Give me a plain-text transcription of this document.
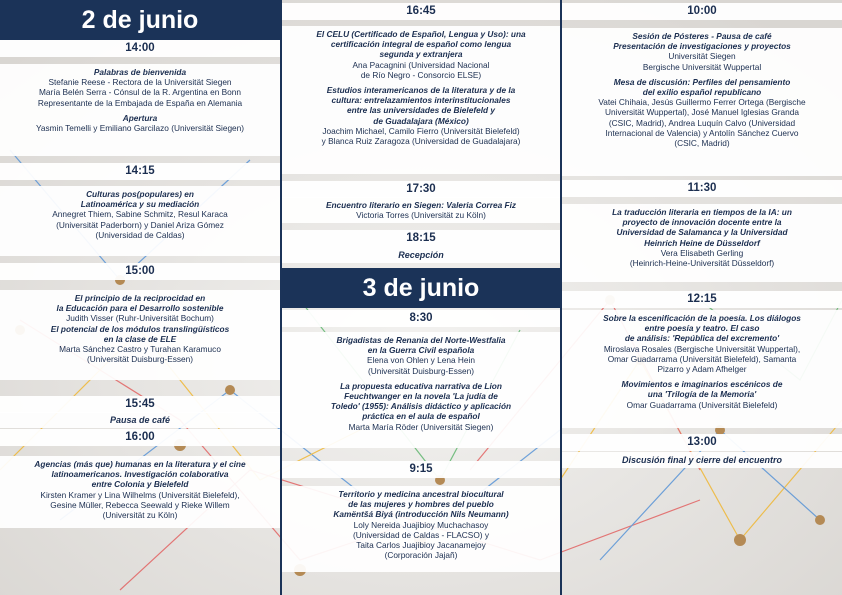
2 de junio
14:00

Palabras de bienvenida

Stefanie Reese - Rectora de la Universität Siegen

María Belén Serra - Cónsul de la R. Argentina en Bonn

Representante de la Embajada de España en Alemania

Apertura

Yasmin Temelli y Emiliano Garcilazo (Universität Siegen)

14:15

Culturas pos(populares) en

Latinoamérica y su mediación

Annegret Thiem, Sabine Schmitz, Resul Karaca

(Universität Paderborn) y Daniel Ariza Gómez

(Universidad de Caldas)

15:00

El principio de la reciprocidad en

la Educación para el Desarrollo sostenible

Judith Visser (Ruhr-Universität Bochum)

El potencial de los módulos translingüísticos

en la clase de ELE

Marta Sánchez Castro y Turahan Karamuco

(Universität Duisburg-Essen)

15:45
Pausa de café
16:00

Agencias (más que) humanas en la literatura y el cine

latinoamericanos. Investigación colaborativa

entre Colonia y Bielefeld

Kirsten Kramer y Lina Wilhelms (Universität Bielefeld),

Gesine Müller, Rebecca Seewald y Rieke Willem

(Universität zu Köln)

16:45

El CELU (Certificado de Español, Lengua y Uso): una

certificación integral de español como lengua

segunda y extranjera

Ana Pacagnini (Universidad Nacional

de Río Negro - Consorcio ELSE)

Estudios interamericanos de la literatura y de la

cultura: entrelazamientos interinstitucionales

entre las universidades de Bielefeld y

de Guadalajara (México)

Joachim Michael, Camilo Fierro (Universität Bielefeld)

y Blanca Ruiz Zaragoza (Universidad de Guadalajara)

17:30

Encuentro literario en Siegen: Valeria Correa Fiz

Victoria Torres (Universität zu Köln)

18:15
Recepción
3 de junio
8:30

Brigadistas de Renania del Norte-Westfalia

en la Guerra Civil española

Elena von Ohlen y Lena Hein

(Universität Duisburg-Essen)

La propuesta educativa narrativa de Lion

Feuchtwanger en la novela 'La judía de

Toledo' (1955): Análisis didáctico y aplicación

práctica en el aula de español

Marta María Röder (Universität Siegen)

9:15

Territorio y medicina ancestral biocultural

de las mujeres y hombres del pueblo

Kamëntšá Biyá (introducción Nils Neumann)

Loly Nereida Juajibioy Muchachasoy

(Universidad de Caldas - FLACSO) y

Taita Carlos Juajibioy Jacanamejoy

(Corporación Jajañ)

10:00

Sesión de Pósteres - Pausa de café

Presentación de investigaciones y proyectos

Universität Siegen

Bergische Universität Wuppertal

Mesa de discusión: Perfiles del pensamiento

del exilio español republicano

Vatei Chihaia, Jesús Guillermo Ferrer Ortega (Bergische

Universität Wuppertal), José Manuel Iglesias Granda

(CSIC, Madrid), Andrea Luquín Calvo (Universidad

Internacional de Valencia) y Antolín Sánchez Cuervo

(CSIC, Madrid)

11:30

La traducción literaria en tiempos de la IA: un

proyecto de innovación docente entre la

Universidad de Salamanca y la Universidad

Heinrich Heine de Düsseldorf

Vera Elisabeth Gerling

(Heinrich-Heine-Universität Düsseldorf)

12:15

Sobre la escenificación de la poesía. Los diálogos

entre poesía y teatro. El caso

de análisis: 'República del excremento'

Miroslava Rosales (Bergische Universität Wuppertal),

Omar Guadarrama (Universität Bielefeld), Samanta

Pizarro y Adam Afhelger

Movimientos e imaginarios escénicos de

una 'Trilogía de la Memoria'

Omar Guadarrama (Universität Bielefeld)

13:00
Discusión final y cierre del encuentro
